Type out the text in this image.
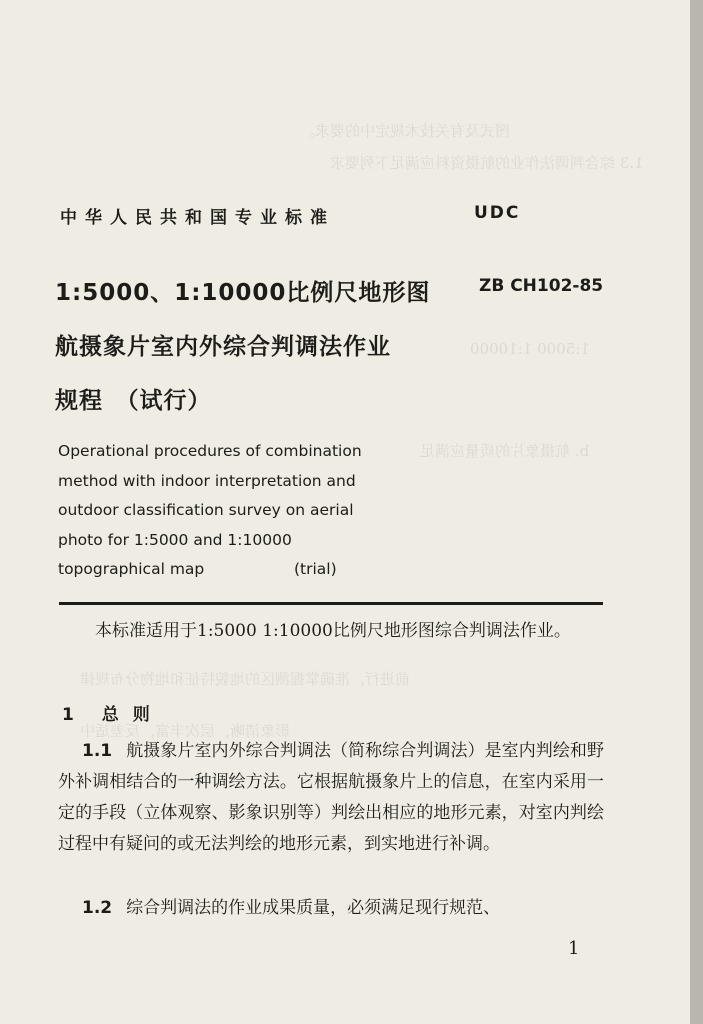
图式及有关技术规定中的要求。
1.3 综合判调法作业的航摄资料应满足下列要求
1:5000 1:10000
b. 航摄象片的质量应满足
前进行，准确掌握测区的地貌特征和地物分布规律
影象清晰，层次丰富，反差适中
中华人民共和国专业标准	UDC
1:5000、1:10000比例尺地形图
航摄象片室内外综合判调法作业
规程　（试行）
ZB CH102-85
Operational procedures of combination
method with indoor interpretation and
outdoor classification survey on aerial
photo for 1:5000 and 1:10000
topographical map	(trial)
本标准适用于1:5000 1:10000比例尺地形图综合判调法作业。
1 总则
1.1 航摄象片室内外综合判调法（简称综合判调法）是室内判绘和野外补调相结合的一种调绘方法。它根据航摄象片上的信息，在室内采用一定的手段（立体观察、影象识别等）判绘出相应的地形元素，对室内判绘过程中有疑问的或无法判绘的地形元素，到实地进行补调。
1.2 综合判调法的作业成果质量，必须满足现行规范、
1
